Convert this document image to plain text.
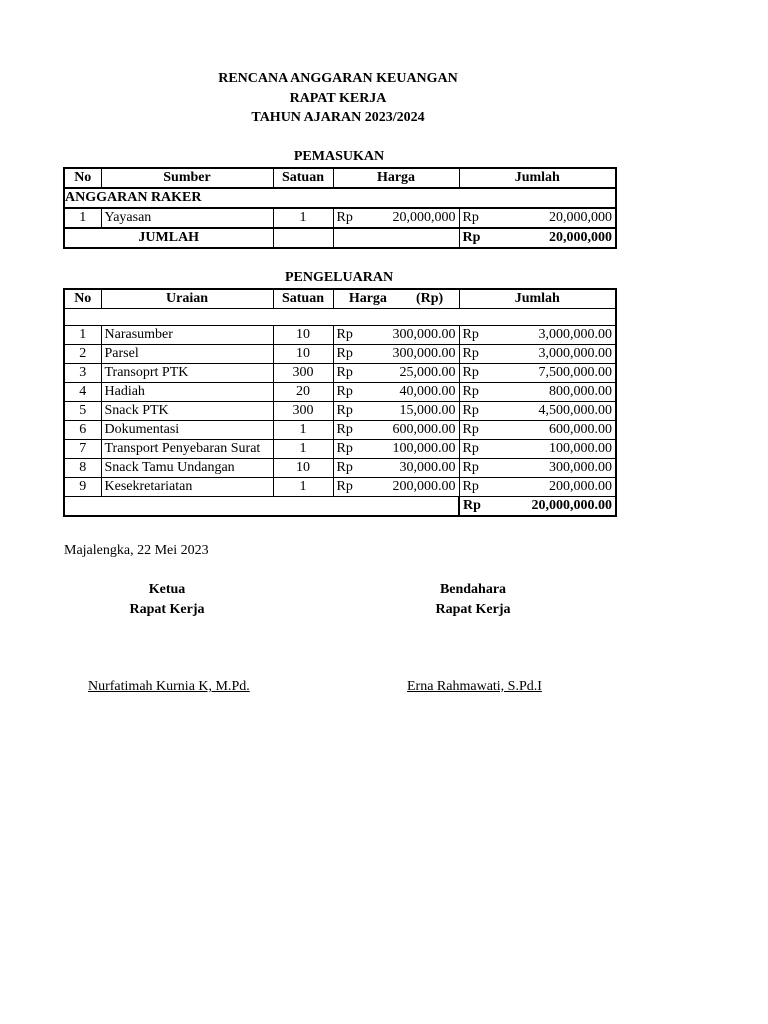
RENCANA ANGGARAN KEUANGAN
RAPAT KERJA
TAHUN AJARAN 2023/2024
PEMASUKAN
No	Sumber	Satuan	Harga		Jumlah	
ANGGARAN RAKER						
1	Yayasan	1	Rp	20,000,000	Rp	20,000,000
JUMLAH					Rp	20,000,000
PENGELUARAN
No	Uraian	Satuan	Harga (Rp)		Jumlah	

1	Narasumber	10	Rp	300,000.00	Rp	3,000,000.00
2	Parsel	10	Rp	300,000.00	Rp	3,000,000.00
3	Transoprt PTK	300	Rp	25,000.00	Rp	7,500,000.00
4	Hadiah	20	Rp	40,000.00	Rp	800,000.00
5	Snack PTK	300	Rp	15,000.00	Rp	4,500,000.00
6	Dokumentasi	1	Rp	600,000.00	Rp	600,000.00
7	Transport Penyebaran Surat	1	Rp	100,000.00	Rp	100,000.00
8	Snack Tamu Undangan	10	Rp	30,000.00	Rp	300,000.00
9	Kesekretariatan	1	Rp	200,000.00	Rp	200,000.00
					Rp	20,000,000.00
Majalengka, 22 Mei 2023
Ketua
Rapat Kerja
Bendahara
Rapat Kerja
Nurfatimah Kurnia K, M.Pd.	Erna Rahmawati, S.Pd.I
